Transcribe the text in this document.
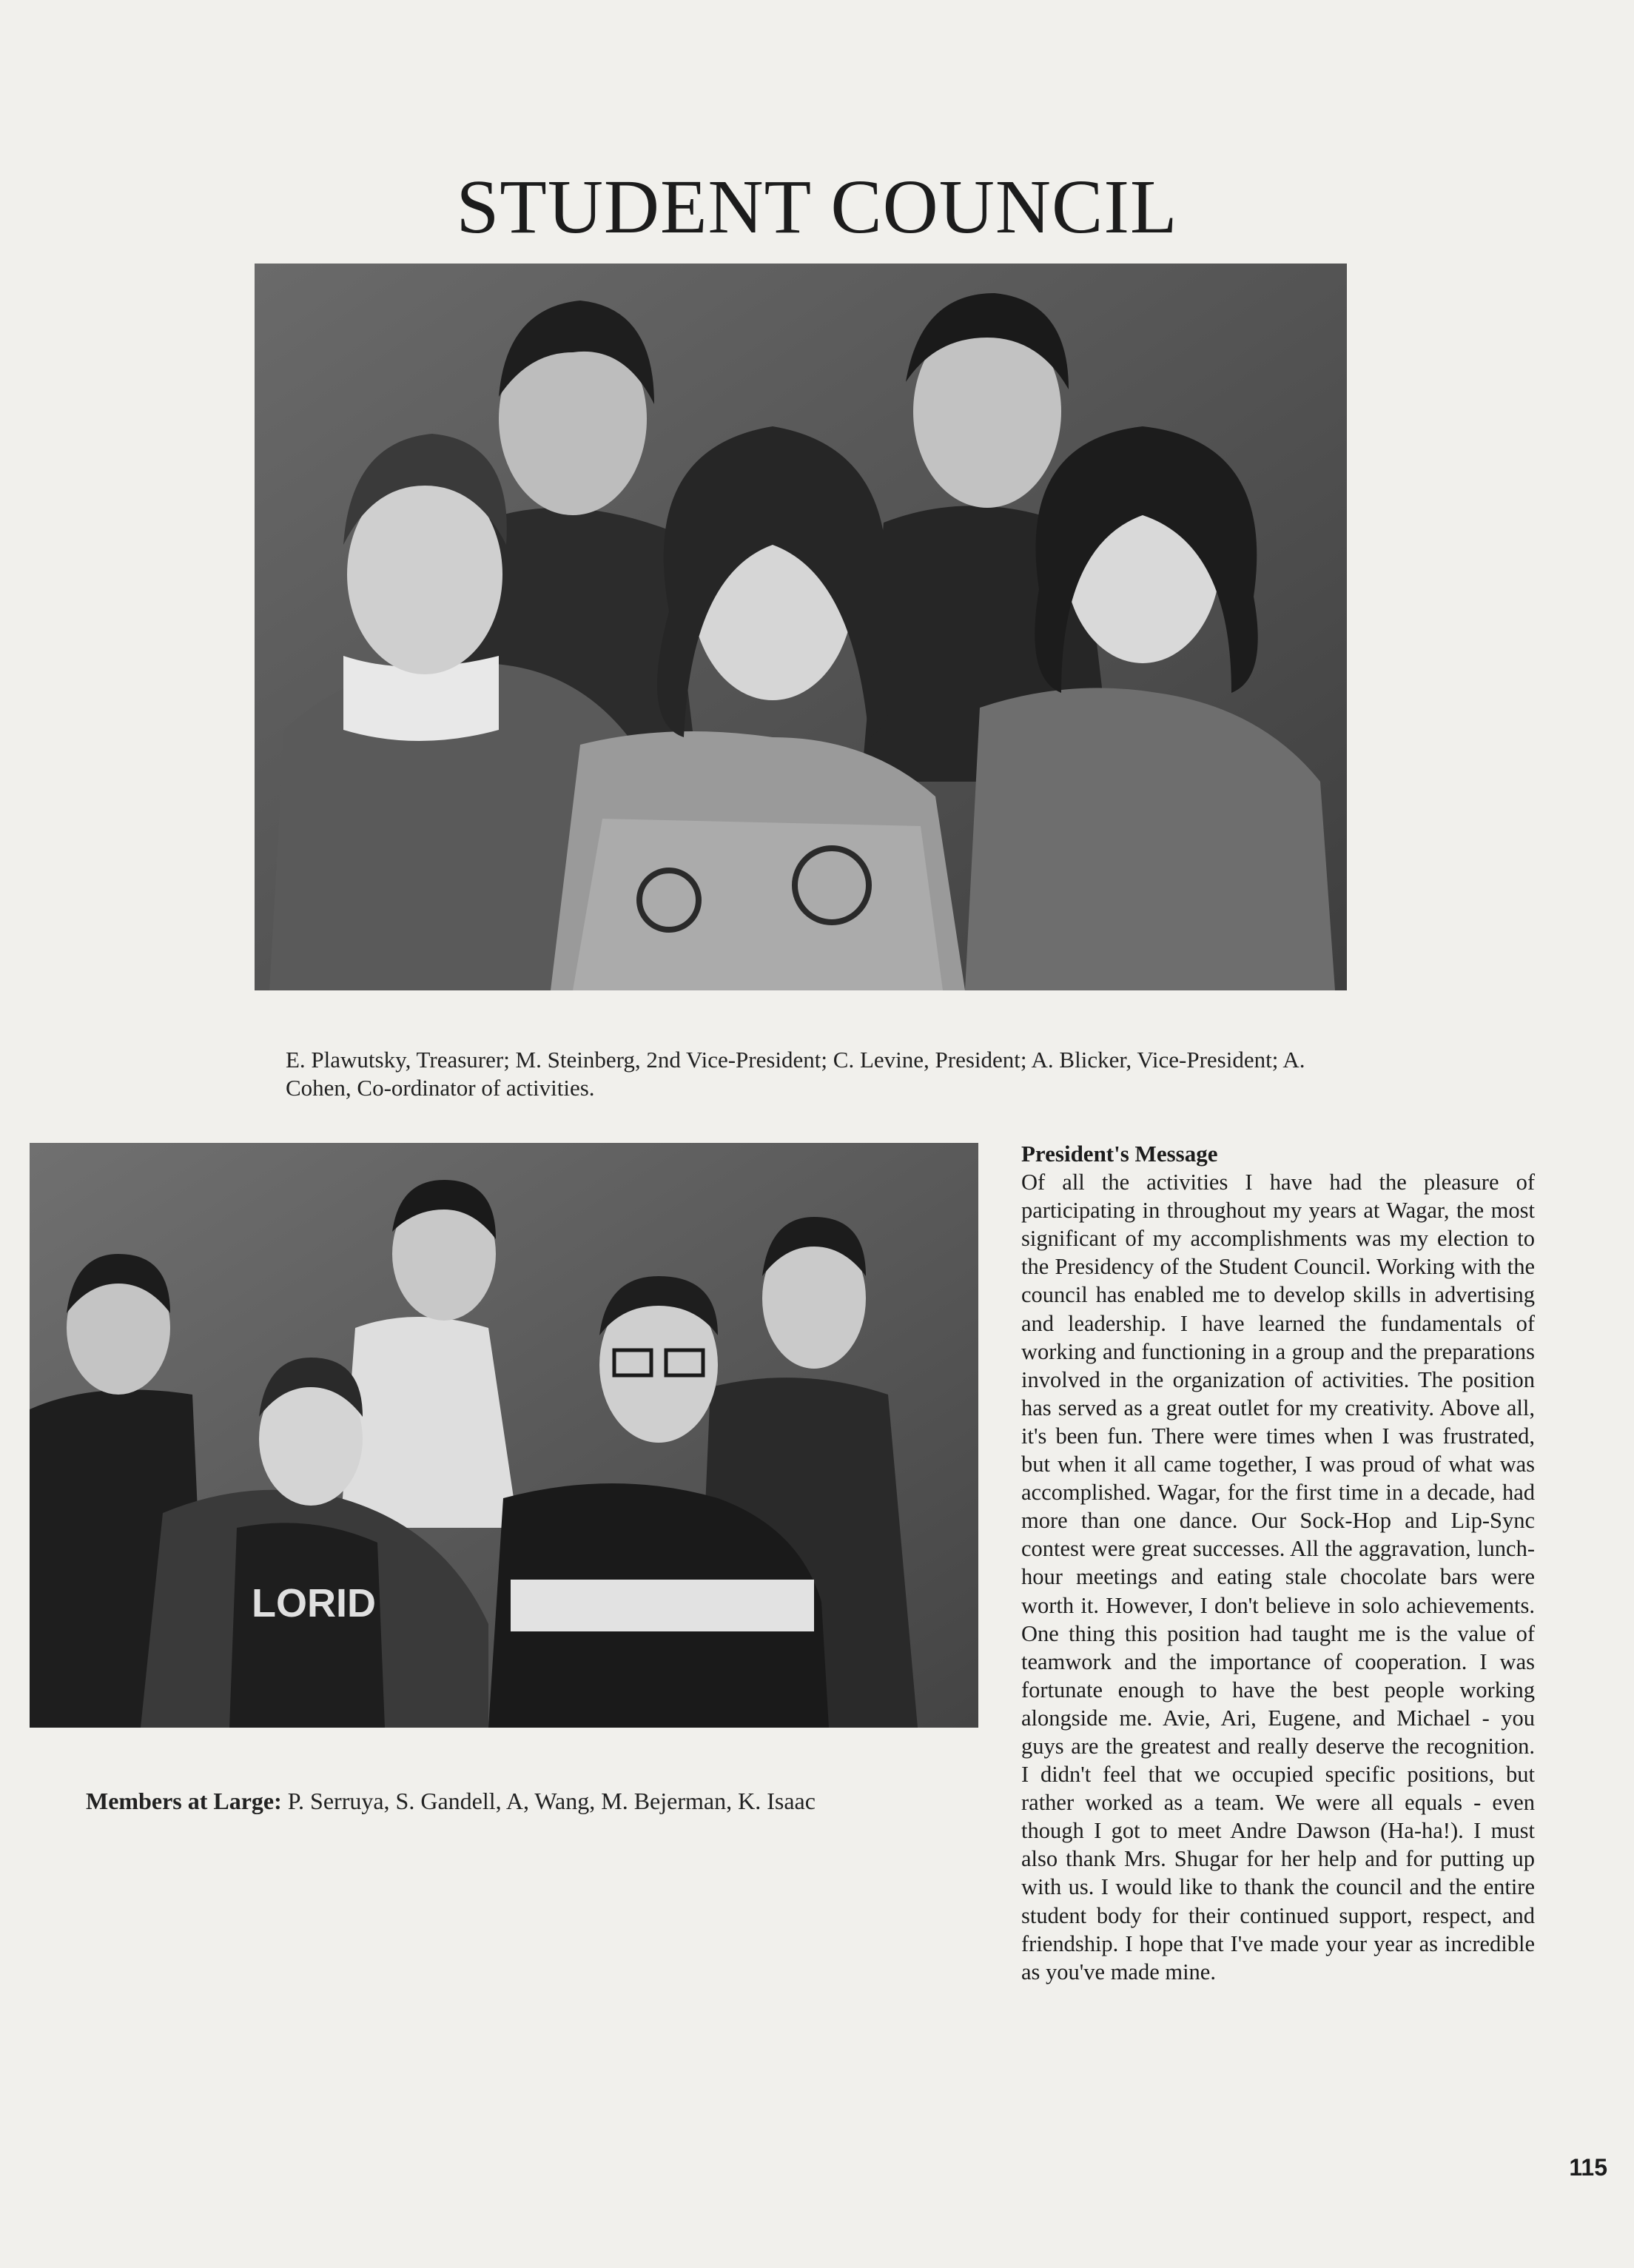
STUDENT COUNCIL

E. Plawutsky, Treasurer; M. Steinberg, 2nd Vice-President; C. Levine, President; A. Blicker, Vice-President; A. Cohen, Co-ordinator of activities.

LORID

Members at Large: P. Serruya, S. Gandell, A, Wang, M. Bejerman, K. Isaac

President's Message
Of all the activities I have had the pleasure of participating in throughout my years at Wagar, the most significant of my accomplishments was my election to the Presidency of the Student Council. Working with the council has enabled me to develop skills in advertising and leadership. I have learned the fundamentals of working and functioning in a group and the preparations involved in the organization of activities. The position has served as a great outlet for my creativity. Above all, it's been fun. There were times when I was frustrated, but when it all came together, I was proud of what was accomplished. Wagar, for the first time in a decade, had more than one dance. Our Sock-Hop and Lip-Sync contest were great successes. All the aggravation, lunch-hour meetings and eating stale chocolate bars were worth it. However, I don't believe in solo achievements. One thing this position had taught me is the value of teamwork and the importance of cooperation. I was fortunate enough to have the best people working alongside me. Avie, Ari, Eugene, and Michael - you guys are the greatest and really deserve the recognition. I didn't feel that we occupied specific positions, but rather worked as a team. We were all equals - even though I got to meet Andre Dawson (Ha-ha!). I must also thank Mrs. Shugar for her help and for putting up with us. I would like to thank the council and the entire student body for their continued support, respect, and friendship. I hope that I've made your year as incredible as you've made mine.
115
